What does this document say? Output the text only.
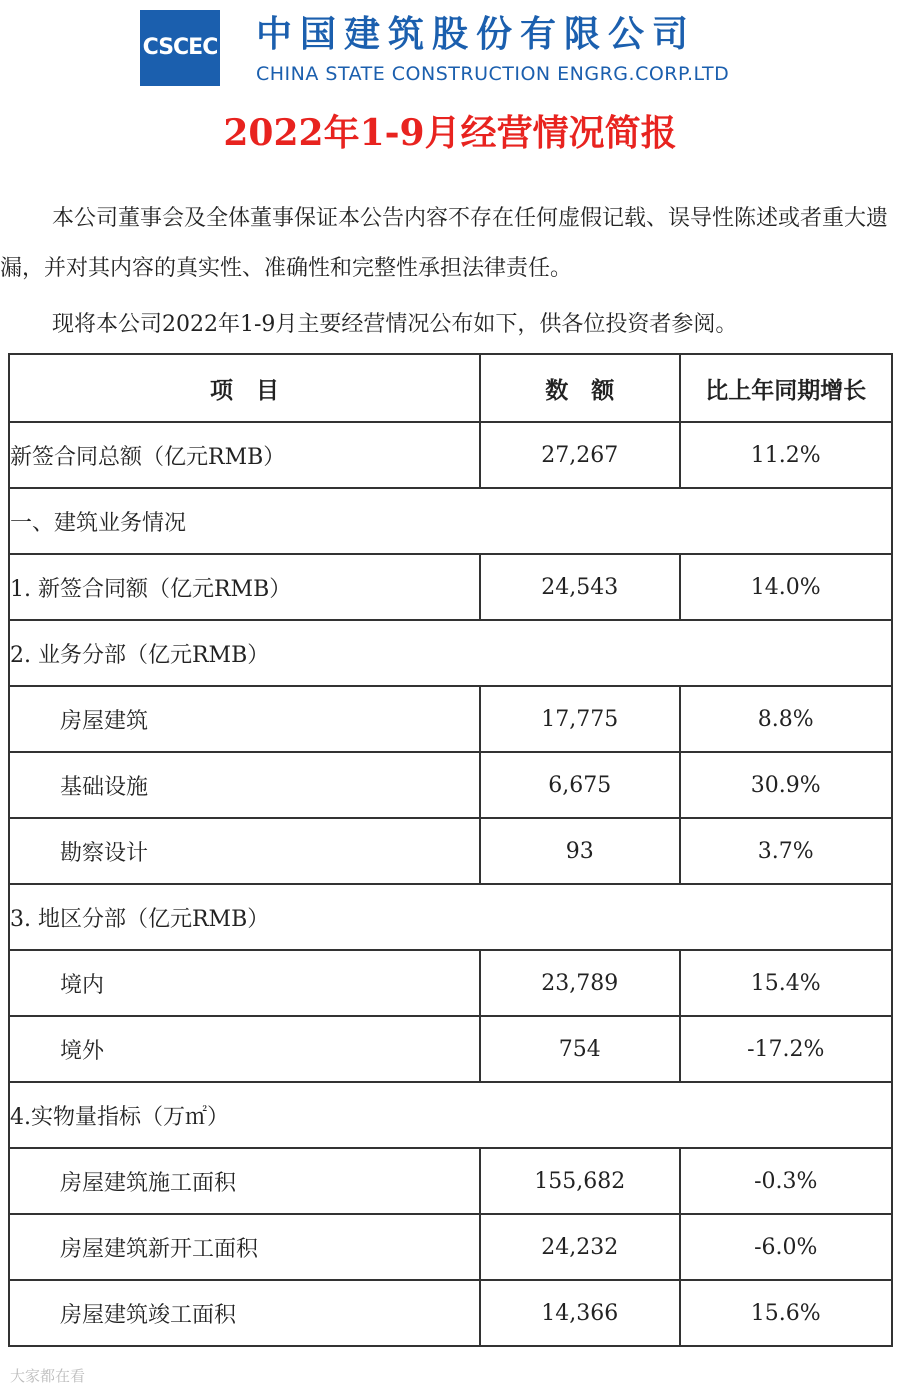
CSCEC 中国建筑股份有限公司
CHINA STATE CONSTRUCTION ENGRG.CORP.LTD
2022年1-9月经营情况简报
本公司董事会及全体董事保证本公告内容不存在任何虚假记载、误导性陈述或者重大遗漏，并对其内容的真实性、准确性和完整性承担法律责任。
现将本公司2022年1-9月主要经营情况公布如下，供各位投资者参阅。
项　目	数　额	比上年同期增长
新签合同总额（亿元RMB）	27,267	11.2%
一、建筑业务情况		
1. 新签合同额（亿元RMB）	24,543	14.0%
2. 业务分部（亿元RMB）		
房屋建筑	17,775	8.8%
基础设施	6,675	30.9%
勘察设计	93	3.7%
3. 地区分部（亿元RMB）		
境内	23,789	15.4%
境外	754	-17.2%
4.实物量指标（万㎡）		
房屋建筑施工面积	155,682	-0.3%
房屋建筑新开工面积	24,232	-6.0%
房屋建筑竣工面积	14,366	15.6%
大家都在看
